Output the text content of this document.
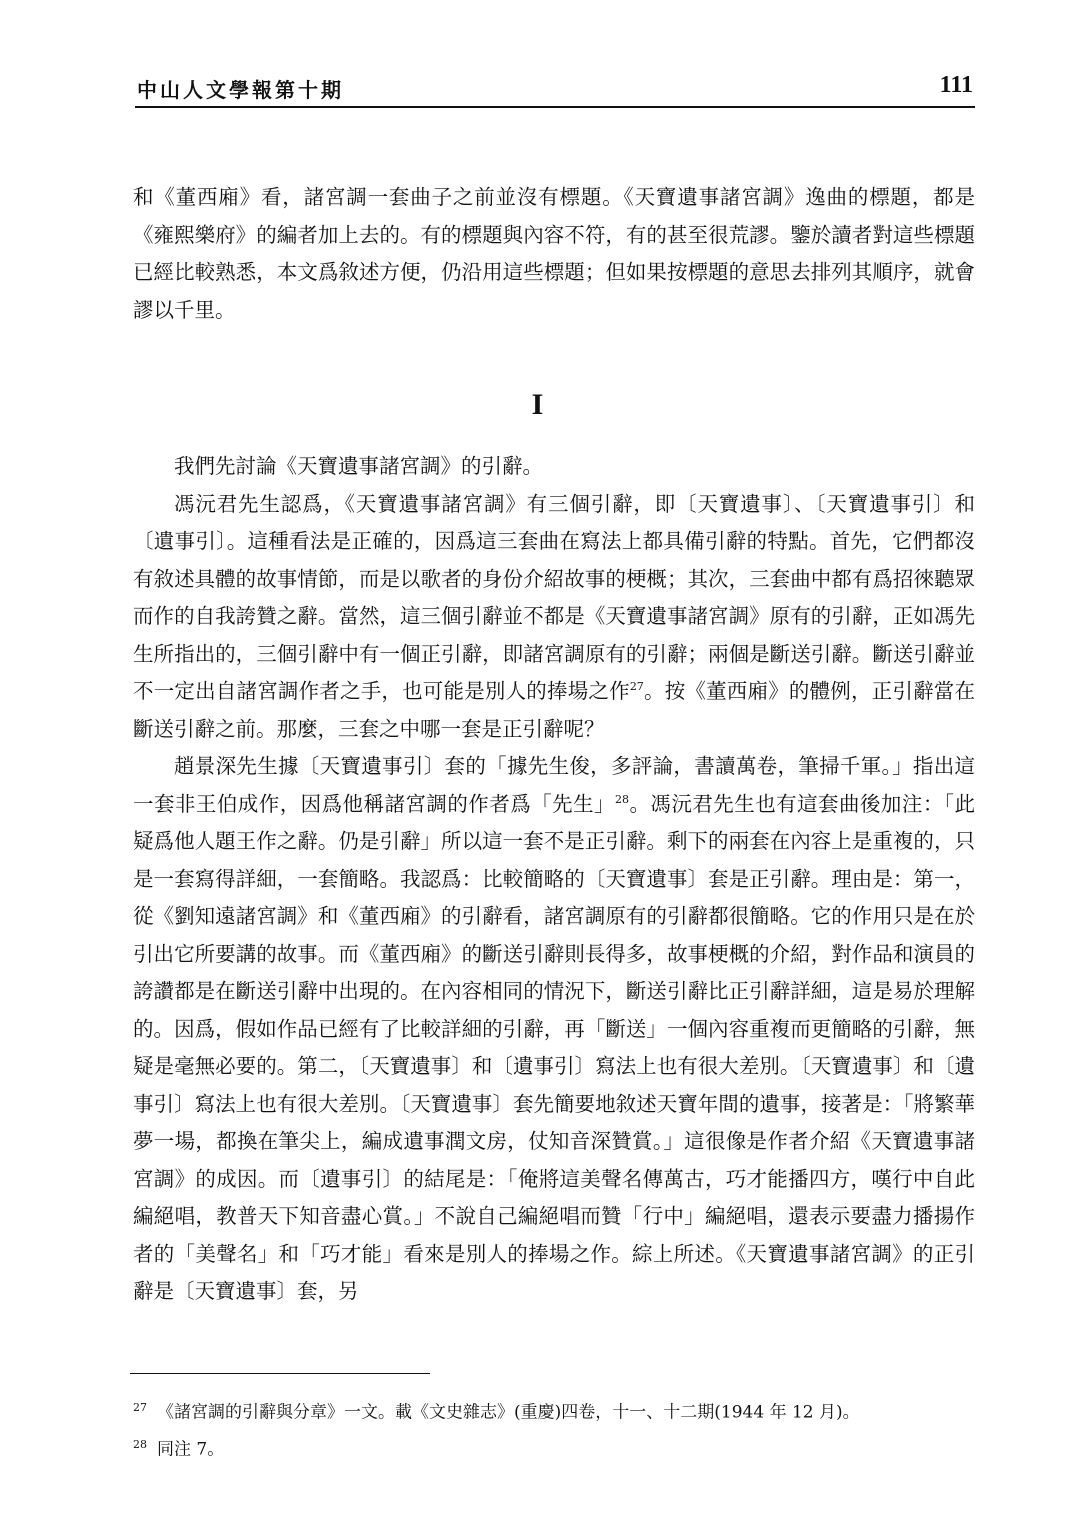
中山人文學報第十期	111

和《董西廂》看，諸宮調一套曲子之前並沒有標題。《天寶遺事諸宮調》逸曲的標題，都是《雍熙樂府》的編者加上去的。有的標題與內容不符，有的甚至很荒謬。鑒於讀者對這些標題已經比較熟悉，本文爲敘述方便，仍沿用這些標題；但如果按標題的意思去排列其順序，就會謬以千里。

I

我們先討論《天寶遺事諸宮調》的引辭。

馮沅君先生認爲，《天寶遺事諸宮調》有三個引辭，即〔天寶遺事〕、〔天寶遺事引〕和〔遺事引〕。這種看法是正確的，因爲這三套曲在寫法上都具備引辭的特點。首先，它們都沒有敘述具體的故事情節，而是以歌者的身份介紹故事的梗概；其次，三套曲中都有爲招徠聽眾而作的自我誇贊之辭。當然，這三個引辭並不都是《天寶遺事諸宮調》原有的引辭，正如馮先生所指出的，三個引辭中有一個正引辭，即諸宮調原有的引辭；兩個是斷送引辭。斷送引辭並不一定出自諸宮調作者之手，也可能是別人的捧場之作$^{27}$。按《董西廂》的體例，正引辭當在斷送引辭之前。那麼，三套之中哪一套是正引辭呢？

趙景深先生據〔天寶遺事引〕套的「據先生俊，多評論，書讀萬卷，筆掃千軍。」指出這一套非王伯成作，因爲他稱諸宮調的作者爲「先生」$^{28}$。馮沅君先生也有這套曲後加注：「此疑爲他人題王作之辭。仍是引辭」所以這一套不是正引辭。剩下的兩套在內容上是重複的，只是一套寫得詳細，一套簡略。我認爲：比較簡略的〔天寶遺事〕套是正引辭。理由是：第一，從《劉知遠諸宮調》和《董西廂》的引辭看，諸宮調原有的引辭都很簡略。它的作用只是在於引出它所要講的故事。而《董西廂》的斷送引辭則長得多，故事梗概的介紹，對作品和演員的誇讚都是在斷送引辭中出現的。在內容相同的情況下，斷送引辭比正引辭詳細，這是易於理解的。因爲，假如作品已經有了比較詳細的引辭，再「斷送」一個內容重複而更簡略的引辭，無疑是毫無必要的。第二，〔天寶遺事〕和〔遺事引〕寫法上也有很大差別。〔天寶遺事〕和〔遺事引〕寫法上也有很大差別。〔天寶遺事〕套先簡要地敘述天寶年間的遺事，接著是：「將繁華夢一場，都換在筆尖上，編成遺事潤文房，仗知音深贊賞。」這很像是作者介紹《天寶遺事諸宮調》的成因。而〔遺事引〕的結尾是：「俺將這美聲名傳萬古，巧才能播四方，嘆行中自此編絕唱，教普天下知音盡心賞。」不說自己編絕唱而贊「行中」編絕唱，還表示要盡力播揚作者的「美聲名」和「巧才能」看來是別人的捧場之作。綜上所述。《天寶遺事諸宮調》的正引辭是〔天寶遺事〕套，另

$^{27}$ 《諸宮調的引辭與分章》一文。載《文史雜志》(重慶)四卷，十一、十二期(1944 年 12 月)。

$^{28}$ 同注 7。
